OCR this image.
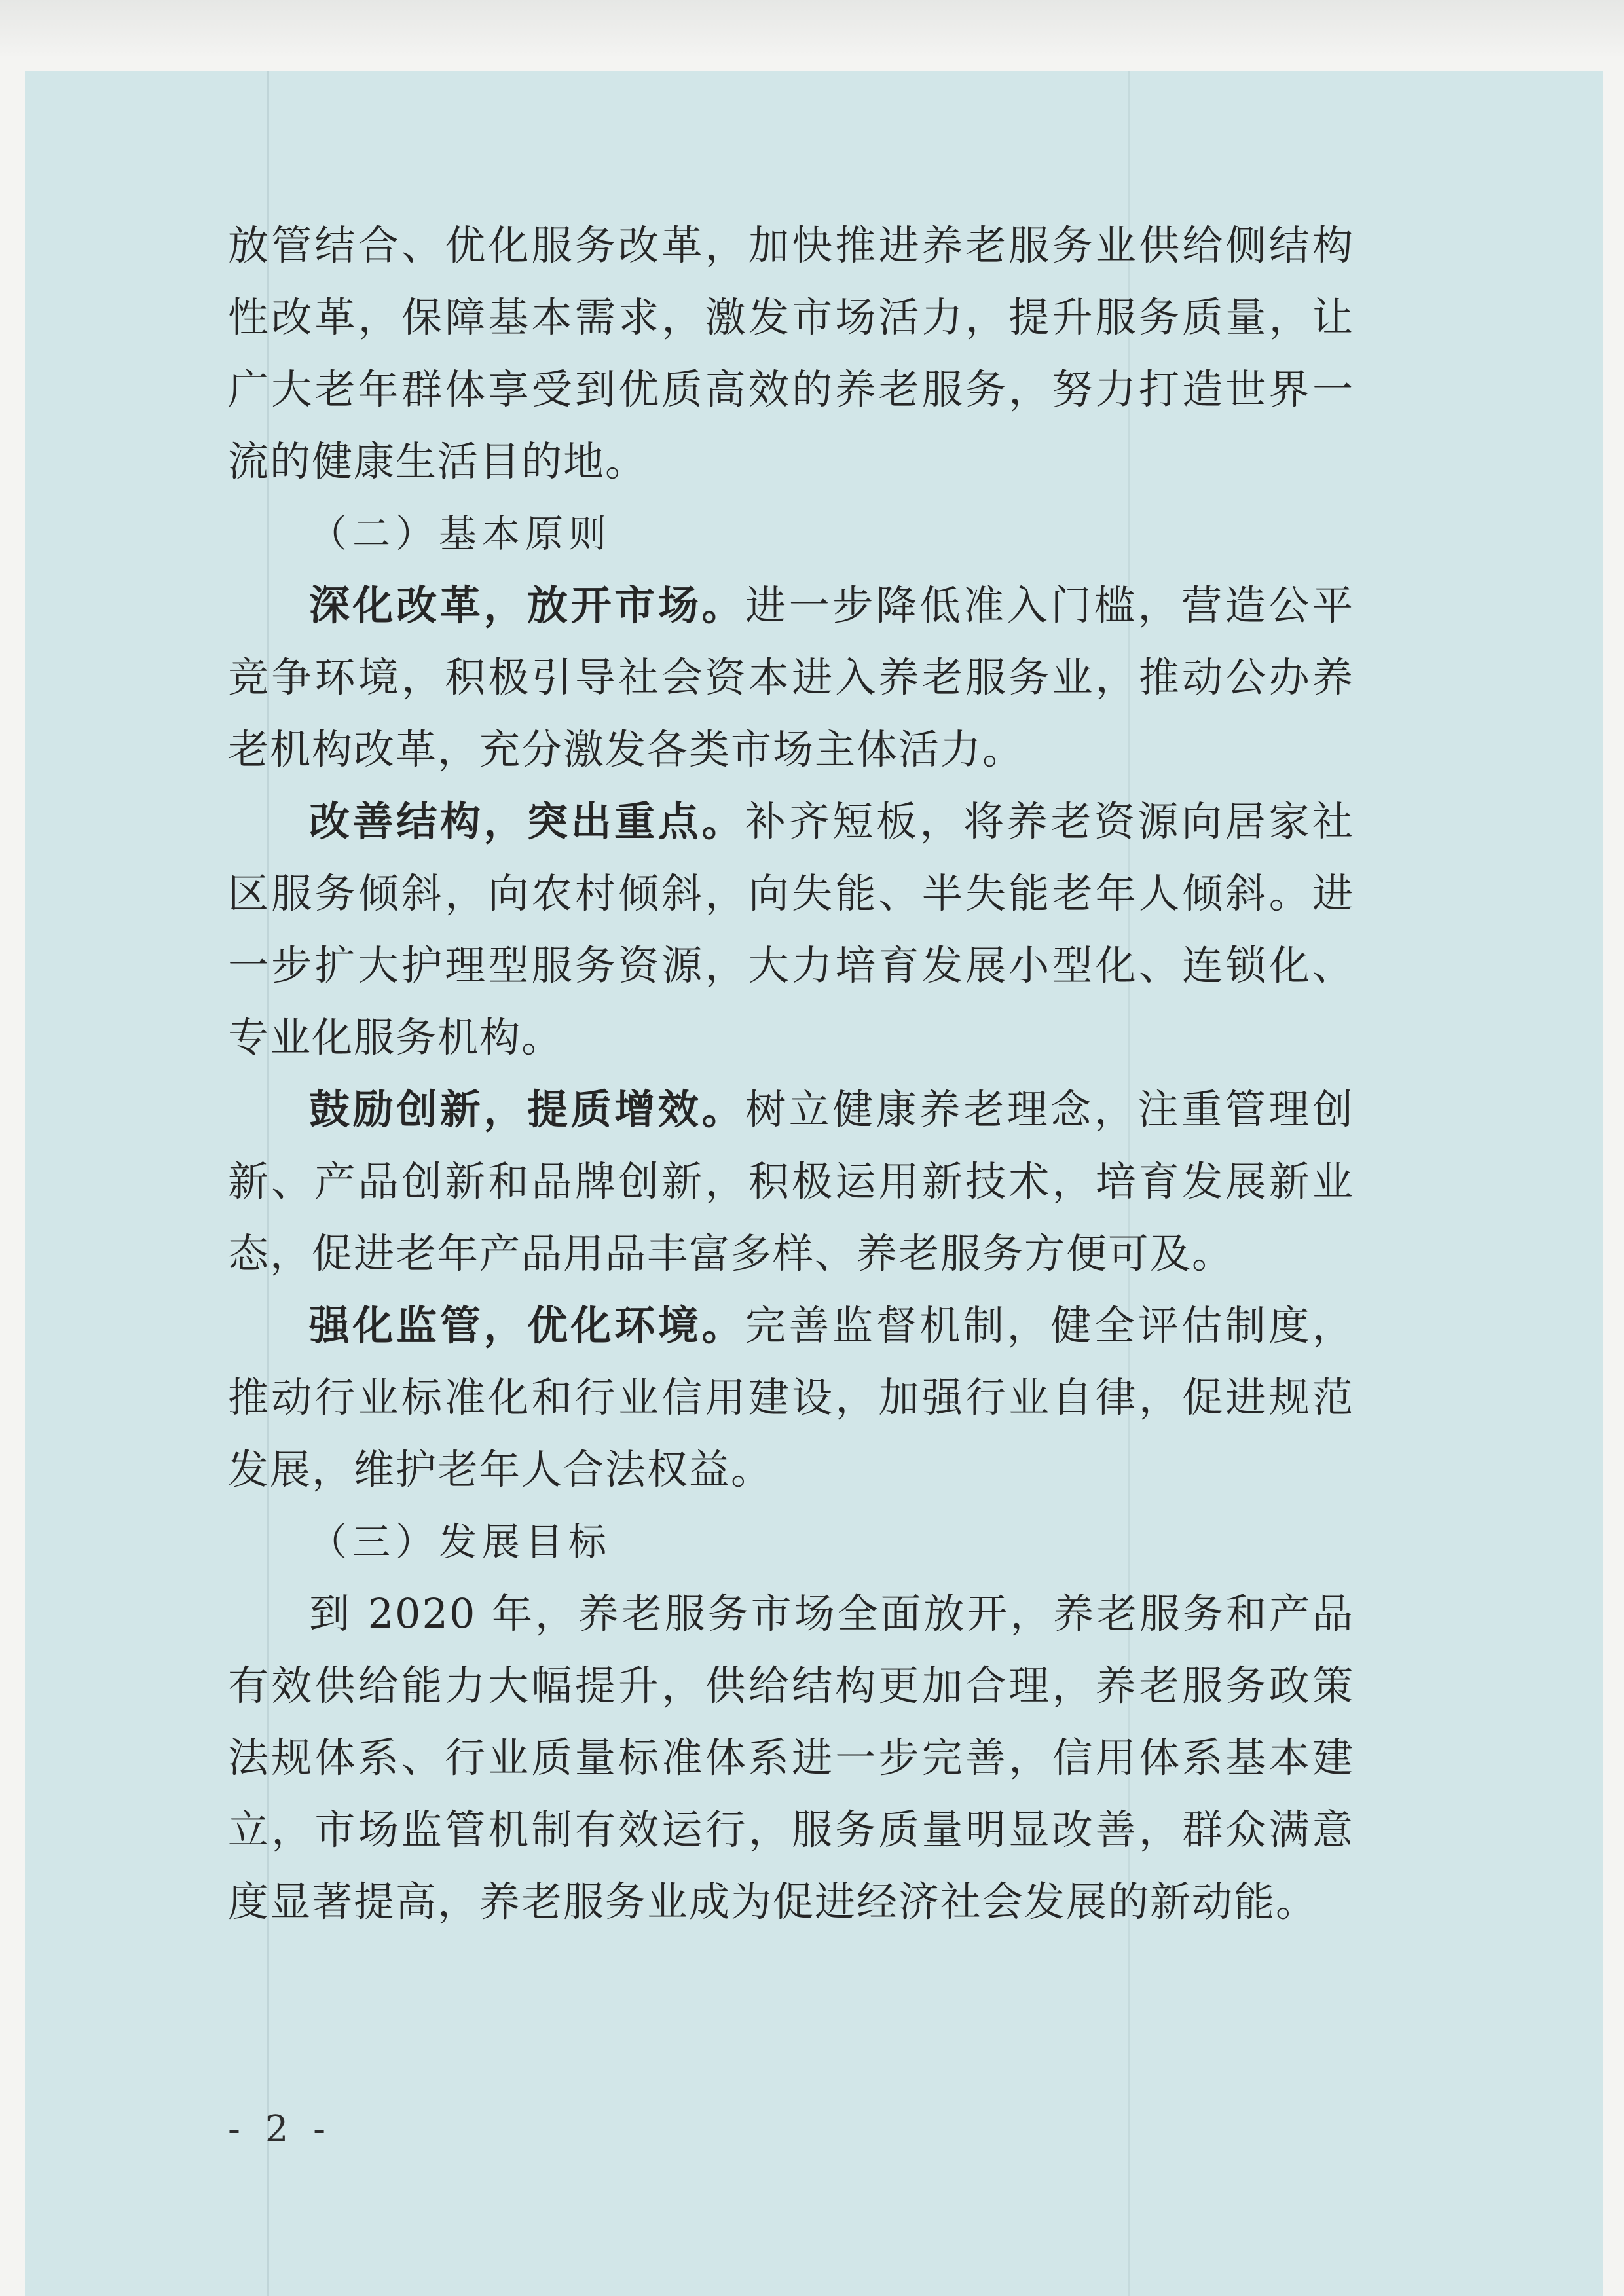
放管结合、优化服务改革，加快推进养老服务业供给侧结构性改革，保障基本需求，激发市场活力，提升服务质量，让广大老年群体享受到优质高效的养老服务，努力打造世界一流的健康生活目的地。

（二）基本原则

深化改革，放开市场。进一步降低准入门槛，营造公平竞争环境，积极引导社会资本进入养老服务业，推动公办养老机构改革，充分激发各类市场主体活力。

改善结构，突出重点。补齐短板，将养老资源向居家社区服务倾斜，向农村倾斜，向失能、半失能老年人倾斜。进一步扩大护理型服务资源，大力培育发展小型化、连锁化、专业化服务机构。

鼓励创新，提质增效。树立健康养老理念，注重管理创新、产品创新和品牌创新，积极运用新技术，培育发展新业态，促进老年产品用品丰富多样、养老服务方便可及。

强化监管，优化环境。完善监督机制，健全评估制度，推动行业标准化和行业信用建设，加强行业自律，促进规范发展，维护老年人合法权益。

（三）发展目标

到 2020 年，养老服务市场全面放开，养老服务和产品有效供给能力大幅提升，供给结构更加合理，养老服务政策法规体系、行业质量标准体系进一步完善，信用体系基本建立，市场监管机制有效运行，服务质量明显改善，群众满意度显著提高，养老服务业成为促进经济社会发展的新动能。

- 2 -
